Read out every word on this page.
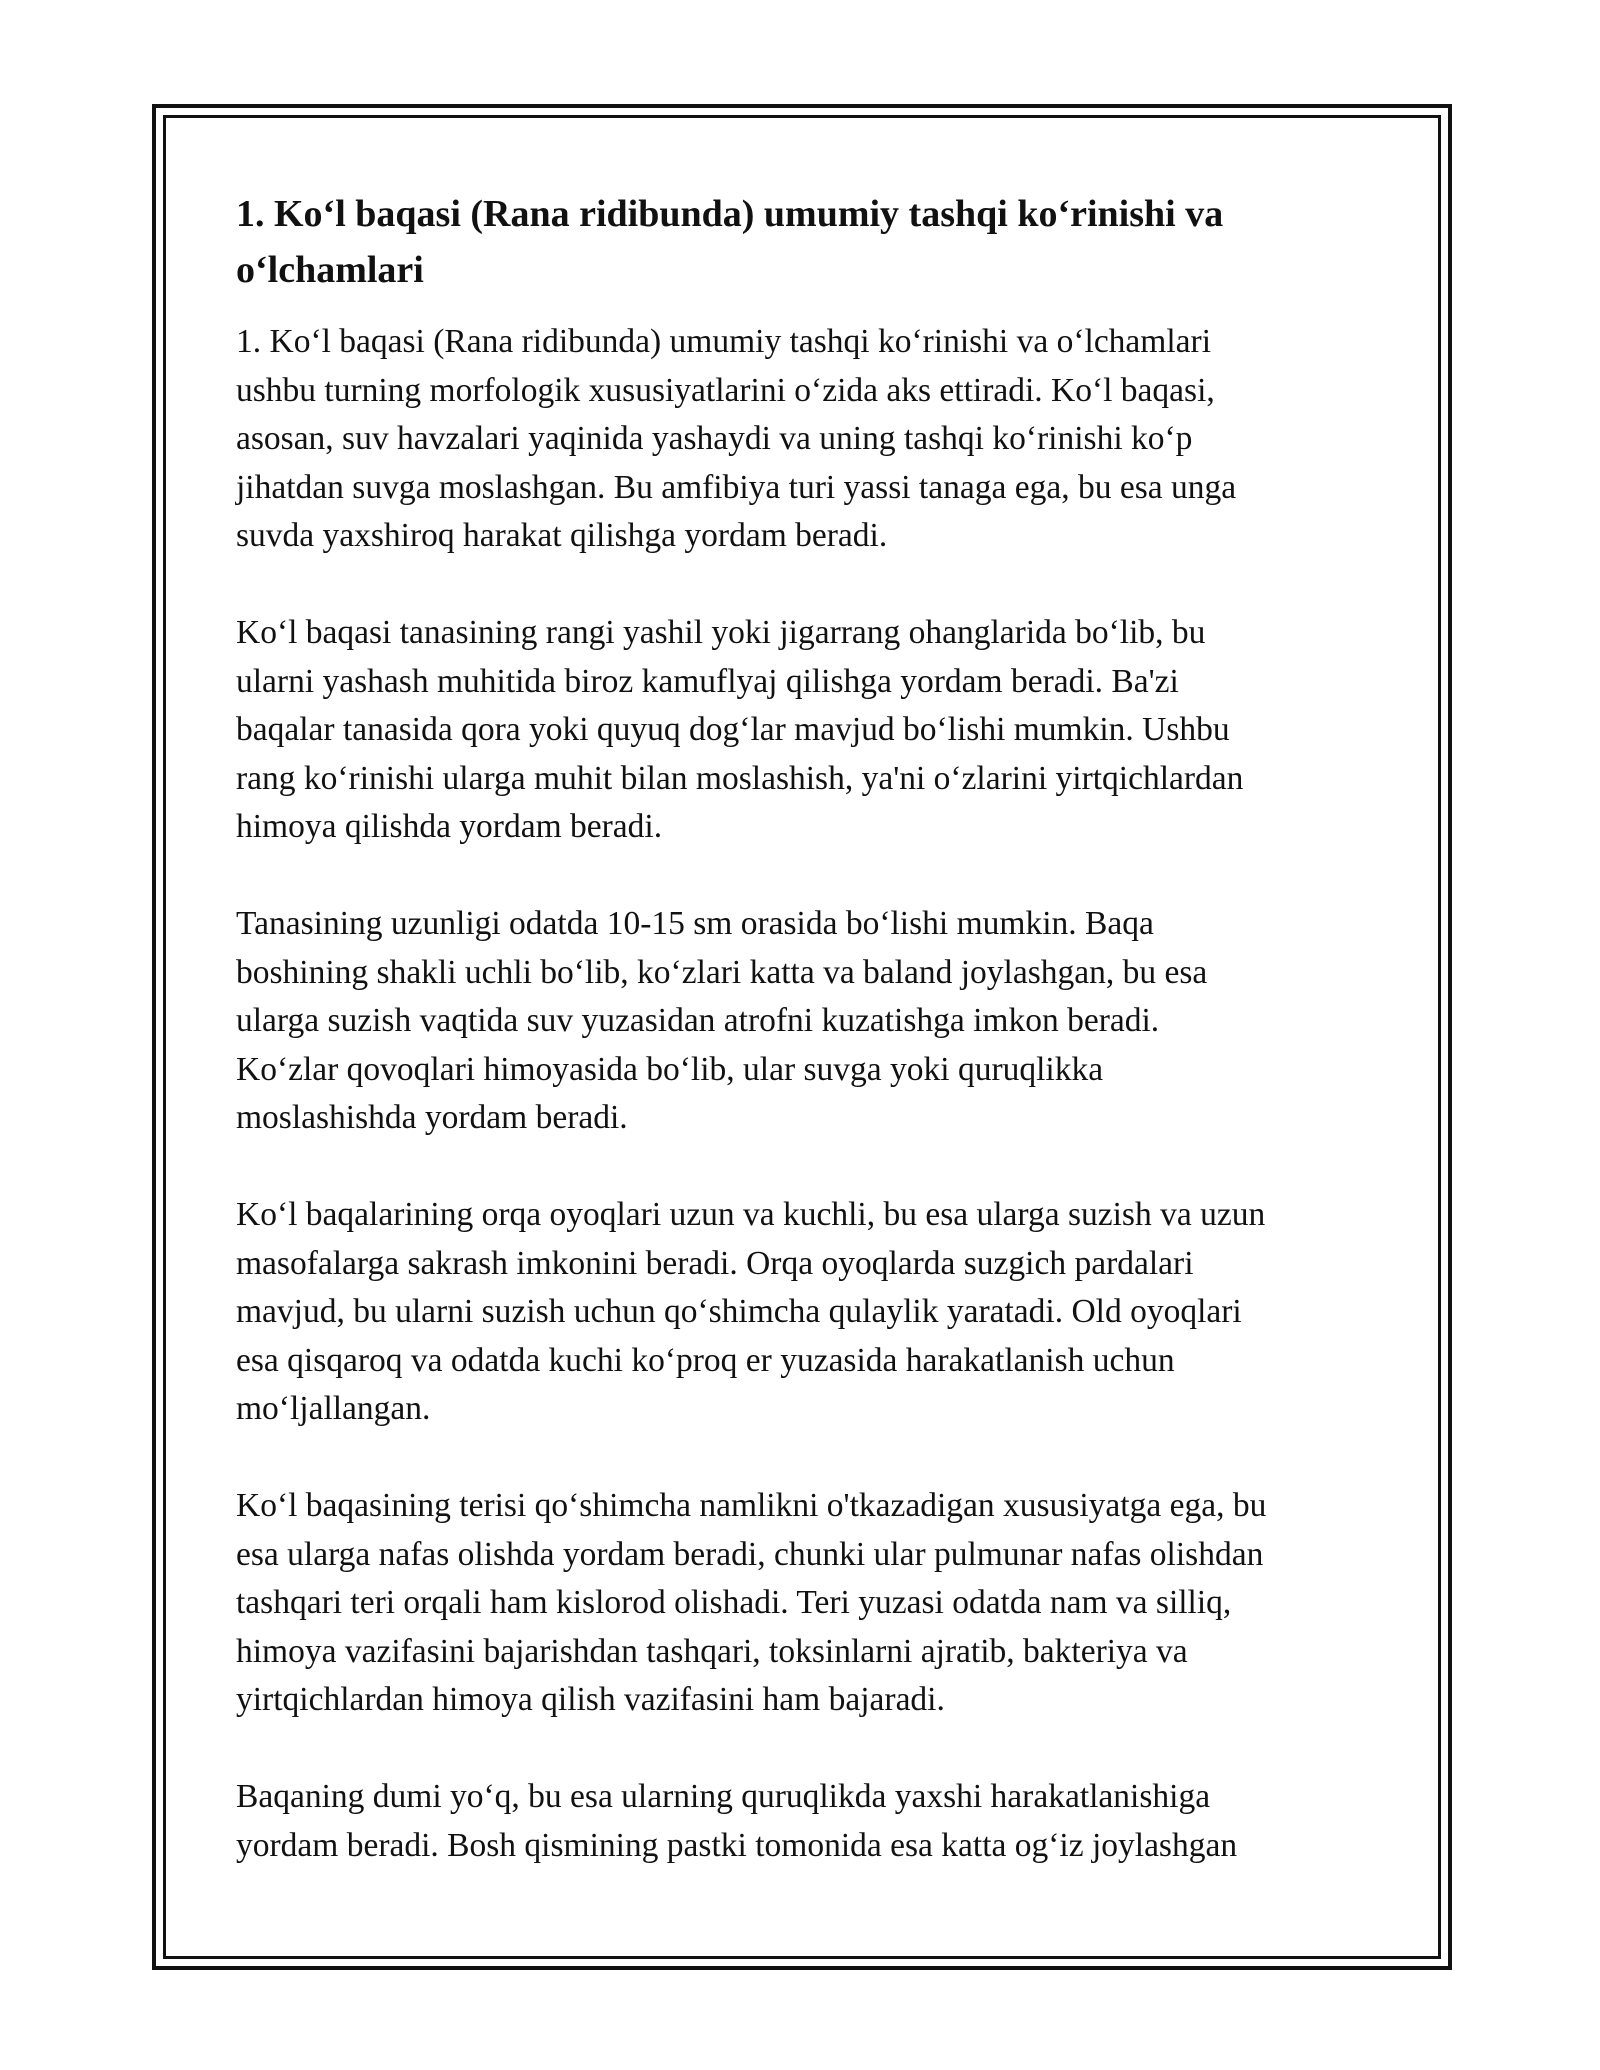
1. Ko‘l baqasi (Rana ridibunda) umumiy tashqi ko‘rinishi va
o‘lchamlari

1. Ko‘l baqasi (Rana ridibunda) umumiy tashqi ko‘rinishi va o‘lchamlari
ushbu turning morfologik xususiyatlarini o‘zida aks ettiradi. Ko‘l baqasi,
asosan, suv havzalari yaqinida yashaydi va uning tashqi ko‘rinishi ko‘p
jihatdan suvga moslashgan. Bu amfibiya turi yassi tanaga ega, bu esa unga
suvda yaxshiroq harakat qilishga yordam beradi.

Ko‘l baqasi tanasining rangi yashil yoki jigarrang ohanglarida bo‘lib, bu
ularni yashash muhitida biroz kamuflyaj qilishga yordam beradi. Ba'zi
baqalar tanasida qora yoki quyuq dog‘lar mavjud bo‘lishi mumkin. Ushbu
rang ko‘rinishi ularga muhit bilan moslashish, ya'ni o‘zlarini yirtqichlardan
himoya qilishda yordam beradi.

Tanasining uzunligi odatda 10-15 sm orasida bo‘lishi mumkin. Baqa
boshining shakli uchli bo‘lib, ko‘zlari katta va baland joylashgan, bu esa
ularga suzish vaqtida suv yuzasidan atrofni kuzatishga imkon beradi.
Ko‘zlar qovoqlari himoyasida bo‘lib, ular suvga yoki quruqlikka
moslashishda yordam beradi.

Ko‘l baqalarining orqa oyoqlari uzun va kuchli, bu esa ularga suzish va uzun
masofalarga sakrash imkonini beradi. Orqa oyoqlarda suzgich pardalari
mavjud, bu ularni suzish uchun qo‘shimcha qulaylik yaratadi. Old oyoqlari
esa qisqaroq va odatda kuchi ko‘proq er yuzasida harakatlanish uchun
mo‘ljallangan.

Ko‘l baqasining terisi qo‘shimcha namlikni o'tkazadigan xususiyatga ega, bu
esa ularga nafas olishda yordam beradi, chunki ular pulmunar nafas olishdan
tashqari teri orqali ham kislorod olishadi. Teri yuzasi odatda nam va silliq,
himoya vazifasini bajarishdan tashqari, toksinlarni ajratib, bakteriya va
yirtqichlardan himoya qilish vazifasini ham bajaradi.

Baqaning dumi yo‘q, bu esa ularning quruqlikda yaxshi harakatlanishiga
yordam beradi. Bosh qismining pastki tomonida esa katta og‘iz joylashgan
